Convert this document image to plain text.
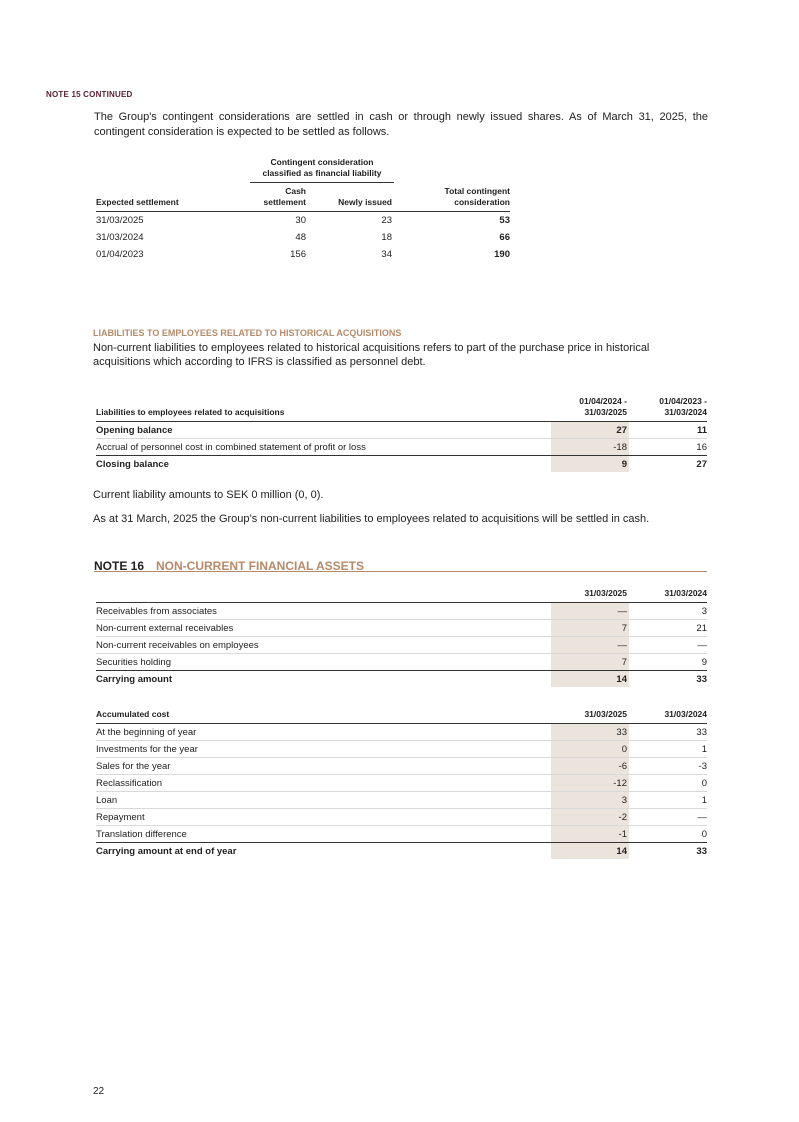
NOTE 15 CONTINUED
The Group's contingent considerations are settled in cash or through newly issued shares. As of March 31, 2025, the contingent consideration is expected to be settled as follows.
Contingent consideration classified as financial liability
Expected settlement	Cash settlement	Newly issued	Total contingent consideration
31/03/2025	30	23	53
31/03/2024	48	18	66
01/04/2023	156	34	190
LIABILITIES TO EMPLOYEES RELATED TO HISTORICAL ACQUISITIONS
Non-current liabilities to employees related to historical acquisitions refers to part of the purchase price in historical acquisitions which according to IFRS is classified as personnel debt.
Liabilities to employees related to acquisitions	01/04/2024 - 31/03/2025	01/04/2023 - 31/03/2024
Opening balance	27	11
Accrual of personnel cost in combined statement of profit or loss	-18	16
Closing balance	9	27
Current liability amounts to SEK 0 million (0, 0).
As at 31 March, 2025 the Group’s non-current liabilities to employees related to acquisitions will be settled in cash.
NOTE 16 NON-CURRENT FINANCIAL ASSETS
	31/03/2025	31/03/2024
Receivables from associates	—	3
Non-current external receivables	7	21
Non-current receivables on employees	—	—
Securities holding	7	9
Carrying amount	14	33
Accumulated cost	31/03/2025	31/03/2024
At the beginning of year	33	33
Investments for the year	0	1
Sales for the year	-6	-3
Reclassification	-12	0
Loan	3	1
Repayment	-2	—
Translation difference	-1	0
Carrying amount at end of year	14	33
22
